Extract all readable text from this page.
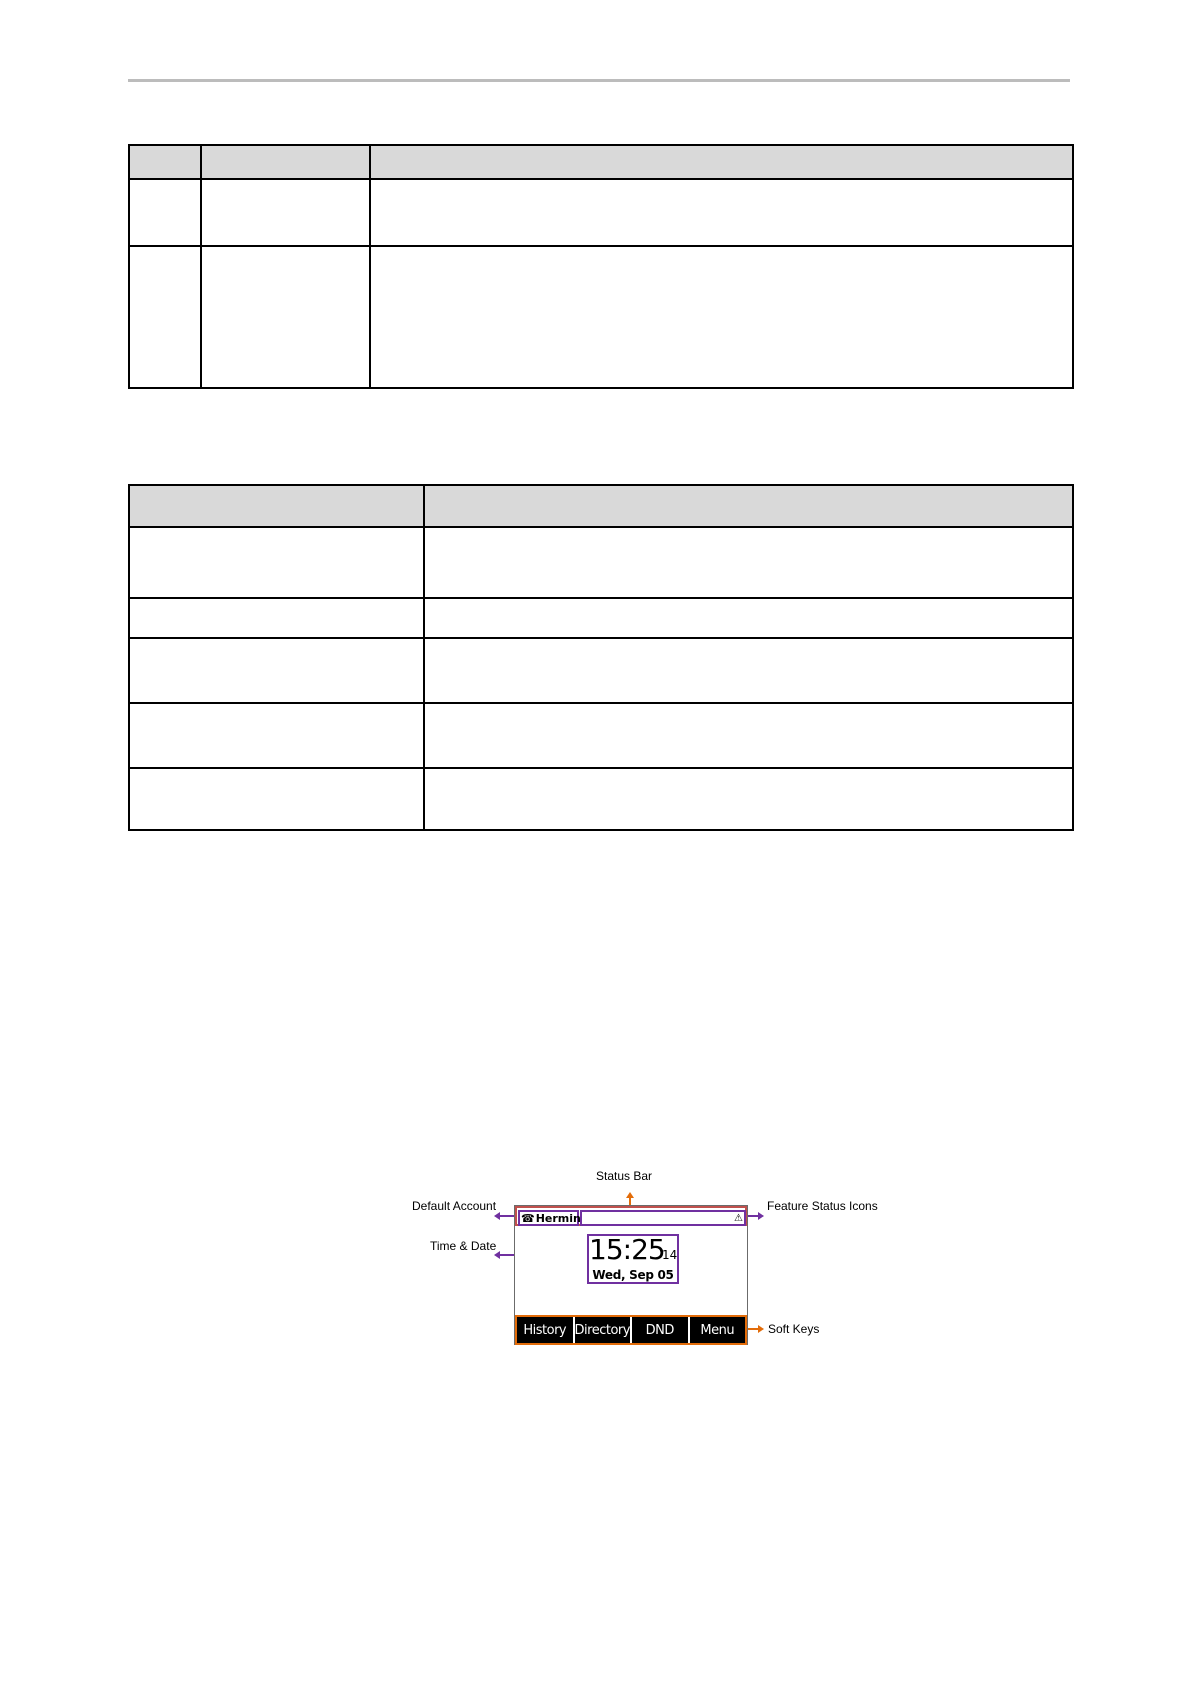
Status Bar
Default Account	Feature Status Icons
Time & Date
Soft Keys
☎ Hermin	⚠
15:25
14
Wed, Sep 05
History Directory	DND	Menu
